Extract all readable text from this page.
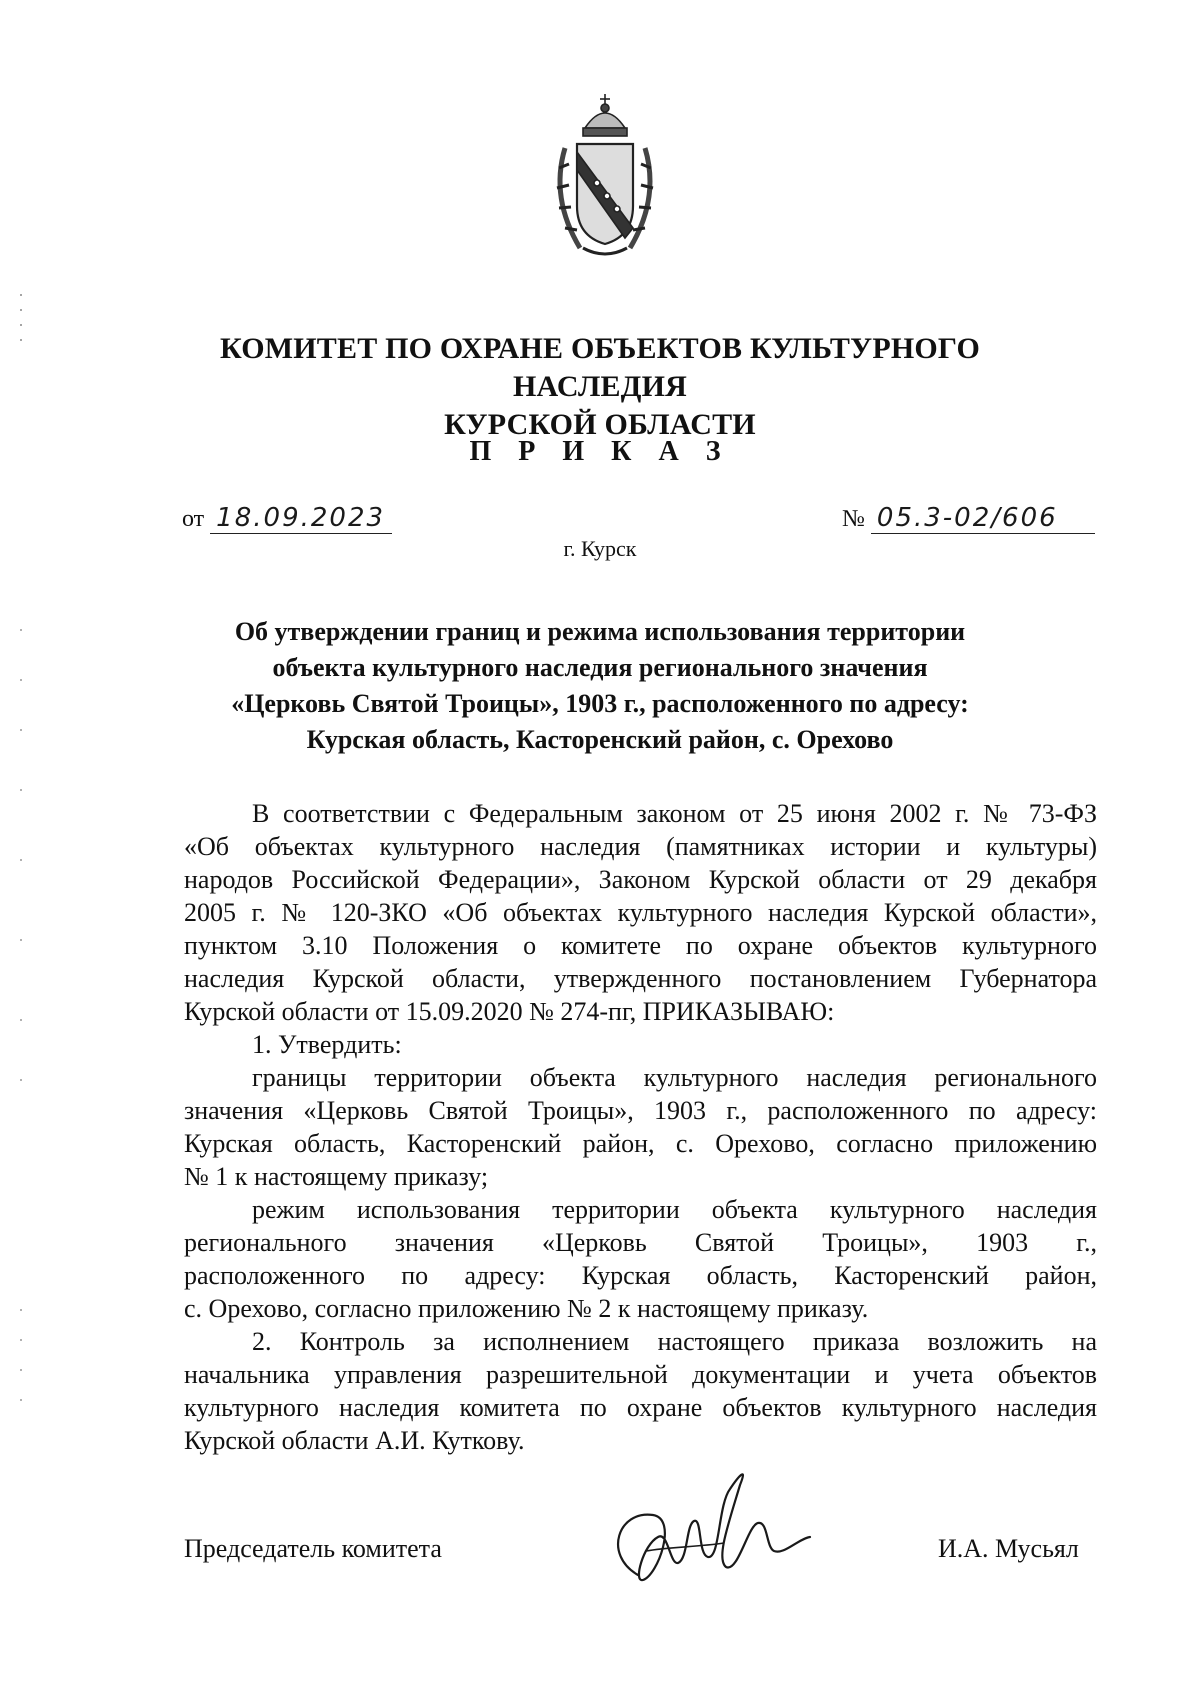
КОМИТЕТ ПО ОХРАНЕ ОБЪЕКТОВ КУЛЬТУРНОГО НАСЛЕДИЯ
КУРСКОЙ ОБЛАСТИ
П Р И К А З
от 18.09.2023	№ 05.3-02/606
г. Курск
Об утверждении границ и режима использования территории
объекта культурного наследия регионального значения
«Церковь Святой Троицы», 1903 г., расположенного по адресу:
Курская область, Касторенский район, с. Орехово
В соответствии с Федеральным законом от 25 июня 2002 г. № 73-ФЗ
«Об объектах культурного наследия (памятниках истории и культуры)
народов Российской Федерации», Законом Курской области от 29 декабря
2005 г. № 120-ЗКО «Об объектах культурного наследия Курской области»,
пунктом 3.10 Положения о комитете по охране объектов культурного
наследия Курской области, утвержденного постановлением Губернатора
Курской области от 15.09.2020 № 274-пг, ПРИКАЗЫВАЮ:
1. Утвердить:
границы территории объекта культурного наследия регионального
значения «Церковь Святой Троицы», 1903 г., расположенного по адресу:
Курская область, Касторенский район, с. Орехово, согласно приложению
№ 1 к настоящему приказу;
режим использования территории объекта культурного наследия
регионального значения «Церковь Святой Троицы», 1903 г.,
расположенного по адресу: Курская область, Касторенский район,
с. Орехово, согласно приложению № 2 к настоящему приказу.
2. Контроль за исполнением настоящего приказа возложить на
начальника управления разрешительной документации и учета объектов
культурного наследия комитета по охране объектов культурного наследия
Курской области А.И. Куткову.
Председатель комитета	И.А. Мусьял
